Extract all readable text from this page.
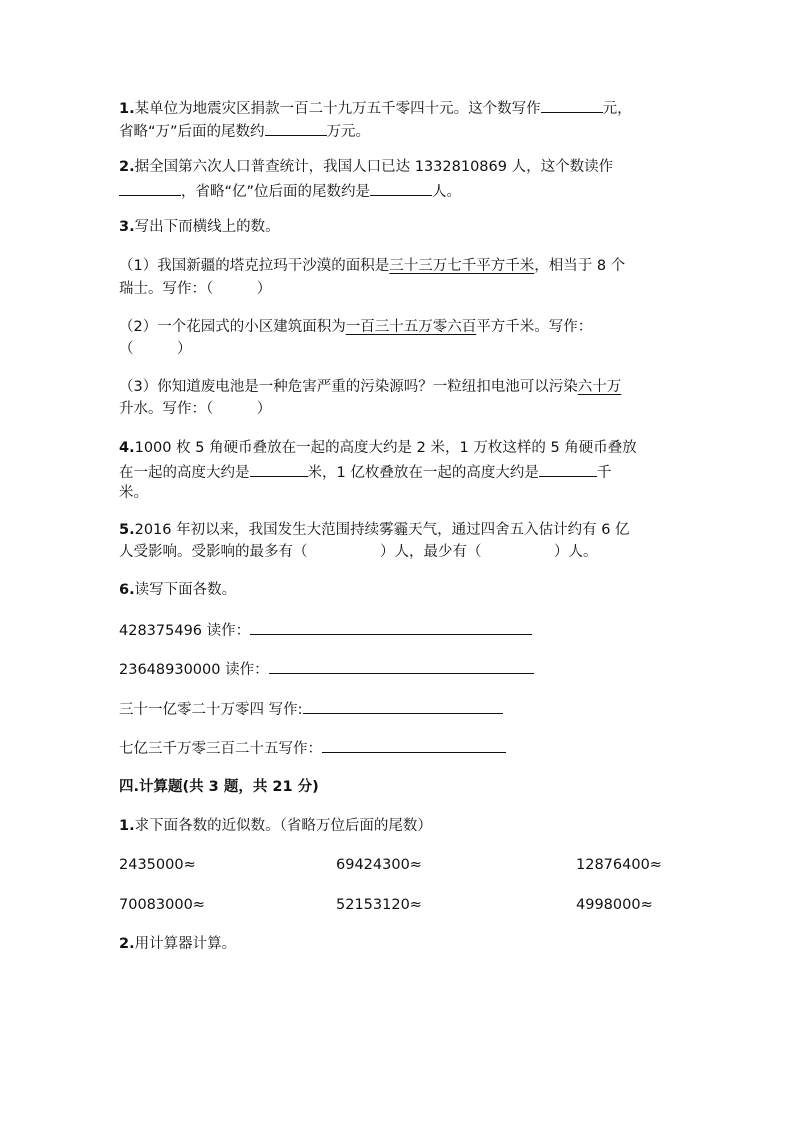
1.某单位为地震灾区捐款一百二十九万五千零四十元。这个数写作	元，
省略“万”后面的尾数约	万元。
2.据全国第六次人口普查统计，我国人口已达 1332810869 人，这个数读作
，省略“亿”位后面的尾数约是	人。
3.写出下而横线上的数。
（1）我国新疆的塔克拉玛干沙漠的面积是三十三万七千平方千米，相当于 8 个
瑞士。写作：（　　　）
（2）一个花园式的小区建筑面积为一百三十五万零六百平方千米。写作：
（　　　）
（3）你知道废电池是一种危害严重的污染源吗？一粒纽扣电池可以污染六十万
升水。写作：（　　　）
4.1000 枚 5 角硬币叠放在一起的高度大约是 2 米，1 万枚这样的 5 角硬币叠放
在一起的高度大约是	米，1 亿枚叠放在一起的高度大约是	千
米。
5.2016 年初以来，我国发生大范围持续雾霾天气，通过四舍五入估计约有 6 亿
人受影响。受影响的最多有（　　　　　）人，最少有（　　　　　）人。
6.读写下面各数。
428375496 读作：
23648930000 读作：
三十一亿零二十万零四 写作:
七亿三千万零三百二十五写作：
四.计算题(共 3 题，共 21 分)
1.求下面各数的近似数。（省略万位后面的尾数）
2435000≈	69424300≈	12876400≈
70083000≈	52153120≈	4998000≈
2.用计算器计算。
